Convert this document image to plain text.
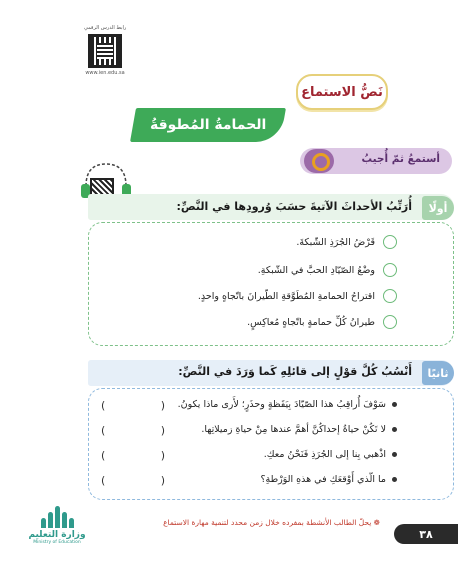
رابط الدرس الرقمي
www.ien.edu.sa
نَصُّ الاستماع
الحمامةُ المُطوقةُ
أستمعُ ثمّ أُجيبُ
أولًا
أُرَتِّبُ الأحداثَ الآتيةَ حسَبَ وُرودِها في النَّصِّ:
قَرْضُ الجُرَذِ الشّبكةَ.
وضْعُ الصّيّادِ الحبَّ في الشّبكةِ.
اقتراحُ الحمامةِ المُطَوَّقةِ الطّيرانَ باتّجاهٍ واحدٍ.
طيرانُ كُلِّ حمامةٍ باتّجاهٍ مُعاكِسٍ.
ثانيًا
أَنْسُبُ كُلَّ قوْلٍ إلى قائلِهِ كَما وَرَدَ في النَّصِّ:
سَوْفَ أُراقِبُ هذا الصّيّادَ بِيَقَظةٍ وحذَرٍ؛ لأَرى ماذا يكونُ.
( )
لا تَكُنْ حياةُ إحداكُنَّ أهمَّ عندها مِنْ حياةِ زميلاتِها.
( )
اذْهبي بِنا إلى الجُرَذِ فَنَحْنُ معكِ.
( )
ما الّذي أَوْقعَكِ في هذهِ الوَرْطةِ؟
( )
وزارة التعليم
Ministry of Education
❁ يحلّ الطالب الأنشطة بمفرده خلال زمن محدد لتنمية مهارة الاستماع
٣٨
